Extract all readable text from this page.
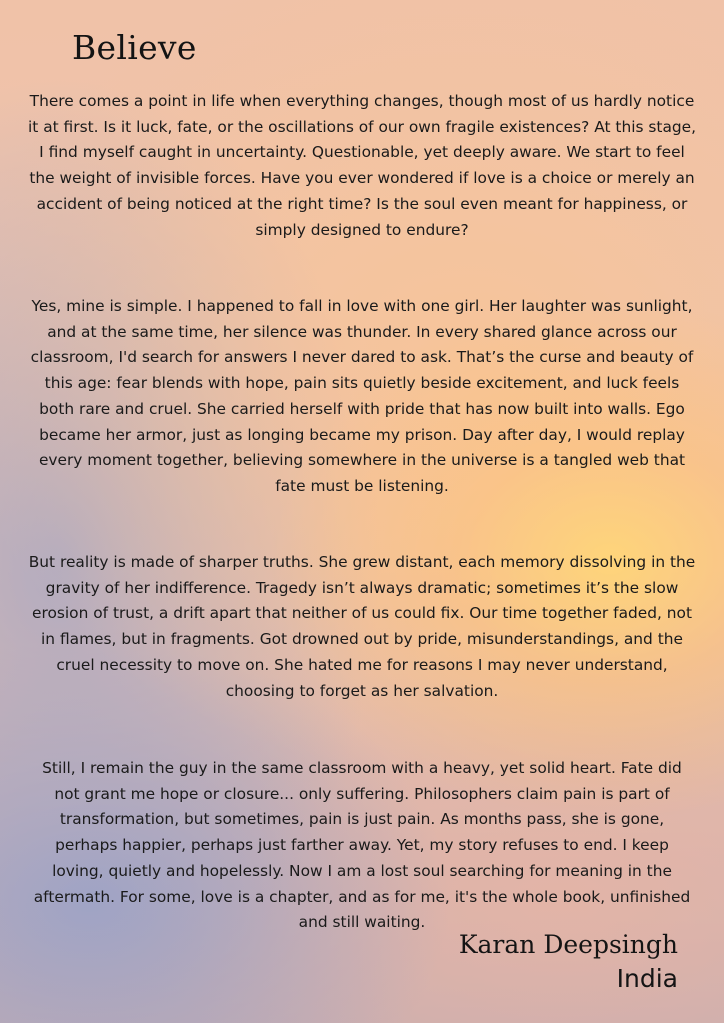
Believe

There comes a point in life when everything changes, though most of us hardly notice it at first. Is it luck, fate, or the oscillations of our own fragile existences? At this stage, I find myself caught in uncertainty. Questionable, yet deeply aware. We start to feel the weight of invisible forces. Have you ever wondered if love is a choice or merely an accident of being noticed at the right time? Is the soul even meant for happiness, or simply designed to endure?

Yes, mine is simple. I happened to fall in love with one girl. Her laughter was sunlight, and at the same time, her silence was thunder. In every shared glance across our classroom, I'd search for answers I never dared to ask. That’s the curse and beauty of this age: fear blends with hope, pain sits quietly beside excitement, and luck feels both rare and cruel. She carried herself with pride that has now built into walls. Ego became her armor, just as longing became my prison. Day after day, I would replay every moment together, believing somewhere in the universe is a tangled web that fate must be listening.

But reality is made of sharper truths. She grew distant, each memory dissolving in the gravity of her indifference. Tragedy isn’t always dramatic; sometimes it’s the slow erosion of trust, a drift apart that neither of us could fix. Our time together faded, not in flames, but in fragments. Got drowned out by pride, misunderstandings, and the cruel necessity to move on. She hated me for reasons I may never understand, choosing to forget as her salvation.

Still, I remain the guy in the same classroom with a heavy, yet solid heart. Fate did not grant me hope or closure... only suffering. Philosophers claim pain is part of transformation, but sometimes, pain is just pain. As months pass, she is gone, perhaps happier, perhaps just farther away. Yet, my story refuses to end. I keep loving, quietly and hopelessly. Now I am a lost soul searching for meaning in the aftermath. For some, love is a chapter, and as for me, it's the whole book, unfinished and still waiting.

Karan Deepsingh

India
